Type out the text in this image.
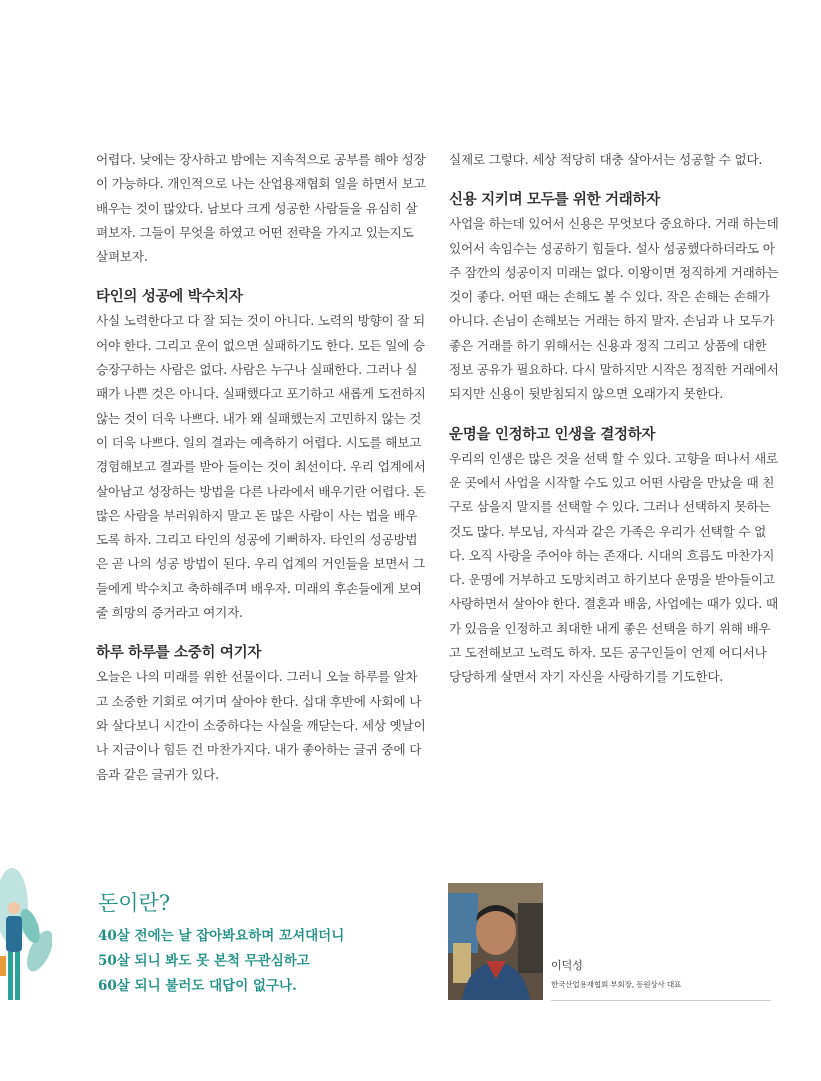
어렵다. 낮에는 장사하고 밤에는 지속적으로 공부를 해야 성장이 가능하다. 개인적으로 나는 산업용재협회 일을 하면서 보고 배우는 것이 많았다. 남보다 크게 성공한 사람들을 유심히 살펴보자. 그들이 무엇을 하였고 어떤 전략을 가지고 있는지도 살펴보자.

타인의 성공에 박수치자

사실 노력한다고 다 잘 되는 것이 아니다. 노력의 방향이 잘 되어야 한다. 그리고 운이 없으면 실패하기도 한다. 모든 일에 승승장구하는 사람은 없다. 사람은 누구나 실패한다. 그러나 실패가 나쁜 것은 아니다. 실패했다고 포기하고 새롭게 도전하지 않는 것이 더욱 나쁘다. 내가 왜 실패했는지 고민하지 않는 것이 더욱 나쁘다. 일의 결과는 예측하기 어렵다. 시도를 해보고 경험해보고 결과를 받아 들이는 것이 최선이다. 우리 업계에서 살아남고 성장하는 방법을 다른 나라에서 배우기란 어렵다. 돈 많은 사람을 부러워하지 말고 돈 많은 사람이 사는 법을 배우도록 하자. 그리고 타인의 성공에 기뻐하자. 타인의 성공방법은 곧 나의 성공 방법이 된다. 우리 업계의 거인들을 보면서 그들에게 박수치고 축하해주며 배우자. 미래의 후손들에게 보여 줄 희망의 증거라고 여기자.

하루 하루를 소중히 여기자

오늘은 나의 미래를 위한 선물이다. 그러니 오늘 하루를 알차고 소중한 기회로 여기며 살아야 한다. 십대 후반에 사회에 나와 살다보니 시간이 소중하다는 사실을 깨닫는다. 세상 옛날이나 지금이나 힘든 건 마찬가지다. 내가 좋아하는 글귀 중에 다음과 같은 글귀가 있다.

실제로 그렇다. 세상 적당히 대충 살아서는 성공할 수 없다.

신용 지키며 모두를 위한 거래하자

사업을 하는데 있어서 신용은 무엇보다 중요하다. 거래 하는데 있어서 속임수는 성공하기 힘들다. 설사 성공했다하더라도 아주 잠깐의 성공이지 미래는 없다. 이왕이면 정직하게 거래하는 것이 좋다. 어떤 때는 손해도 볼 수 있다. 작은 손해는 손해가 아니다. 손님이 손해보는 거래는 하지 말자. 손님과 나 모두가 좋은 거래를 하기 위해서는 신용과 정직 그리고 상품에 대한 정보 공유가 필요하다. 다시 말하지만 시작은 정직한 거래에서 되지만 신용이 뒷받침되지 않으면 오래가지 못한다.

운명을 인정하고 인생을 결정하자

우리의 인생은 많은 것을 선택 할 수 있다. 고향을 떠나서 새로운 곳에서 사업을 시작할 수도 있고 어떤 사람을 만났을 때 친구로 삼을지 말지를 선택할 수 있다. 그러나 선택하지 못하는 것도 많다. 부모님, 자식과 같은 가족은 우리가 선택할 수 없다. 오직 사랑을 주어야 하는 존재다. 시대의 흐름도 마찬가지다. 운명에 거부하고 도망치려고 하기보다 운명을 받아들이고 사랑하면서 살아야 한다. 결혼과 배움, 사업에는 때가 있다. 때가 있음을 인정하고 최대한 내게 좋은 선택을 하기 위해 배우고 도전해보고 노력도 하자. 모든 공구인들이 언제 어디서나 당당하게 살면서 자기 자신을 사랑하기를 기도한다.

돈이란?

40살 전에는 날 잡아봐요하며 꼬셔대더니

50살 되니 봐도 못 본척 무관심하고

60살 되니 불러도 대답이 없구나.

이덕성
한국산업용재협회 부회장, 동원상사 대표
